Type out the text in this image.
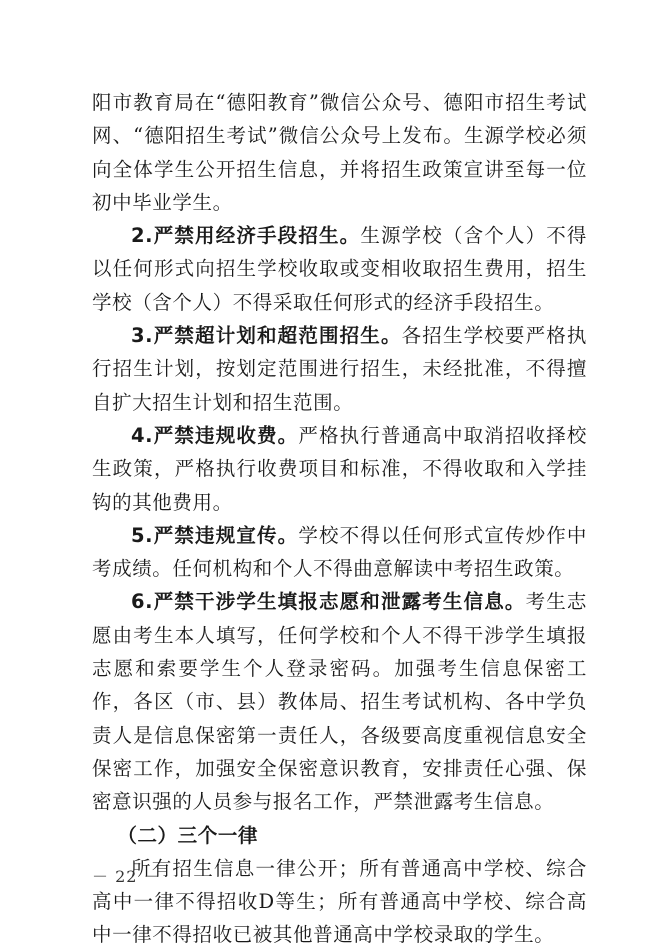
阳市教育局在“德阳教育”微信公众号、德阳市招生考试网、“德阳招生考试”微信公众号上发布。生源学校必须向全体学生公开招生信息，并将招生政策宣讲至每一位初中毕业学生。

2.严禁用经济手段招生。生源学校（含个人）不得以任何形式向招生学校收取或变相收取招生费用，招生学校（含个人）不得采取任何形式的经济手段招生。

3.严禁超计划和超范围招生。各招生学校要严格执行招生计划，按划定范围进行招生，未经批准，不得擅自扩大招生计划和招生范围。

4.严禁违规收费。严格执行普通高中取消招收择校生政策，严格执行收费项目和标准，不得收取和入学挂钩的其他费用。

5.严禁违规宣传。学校不得以任何形式宣传炒作中考成绩。任何机构和个人不得曲意解读中考招生政策。

6.严禁干涉学生填报志愿和泄露考生信息。考生志愿由考生本人填写，任何学校和个人不得干涉学生填报志愿和索要学生个人登录密码。加强考生信息保密工作，各区（市、县）教体局、招生考试机构、各中学负责人是信息保密第一责任人，各级要高度重视信息安全保密工作，加强安全保密意识教育，安排责任心强、保密意识强的人员参与报名工作，严禁泄露考生信息。

（二）三个一律

所有招生信息一律公开；所有普通高中学校、综合高中一律不得招收D等生；所有普通高中学校、综合高中一律不得招收已被其他普通高中学校录取的学生。

－ 22 －
